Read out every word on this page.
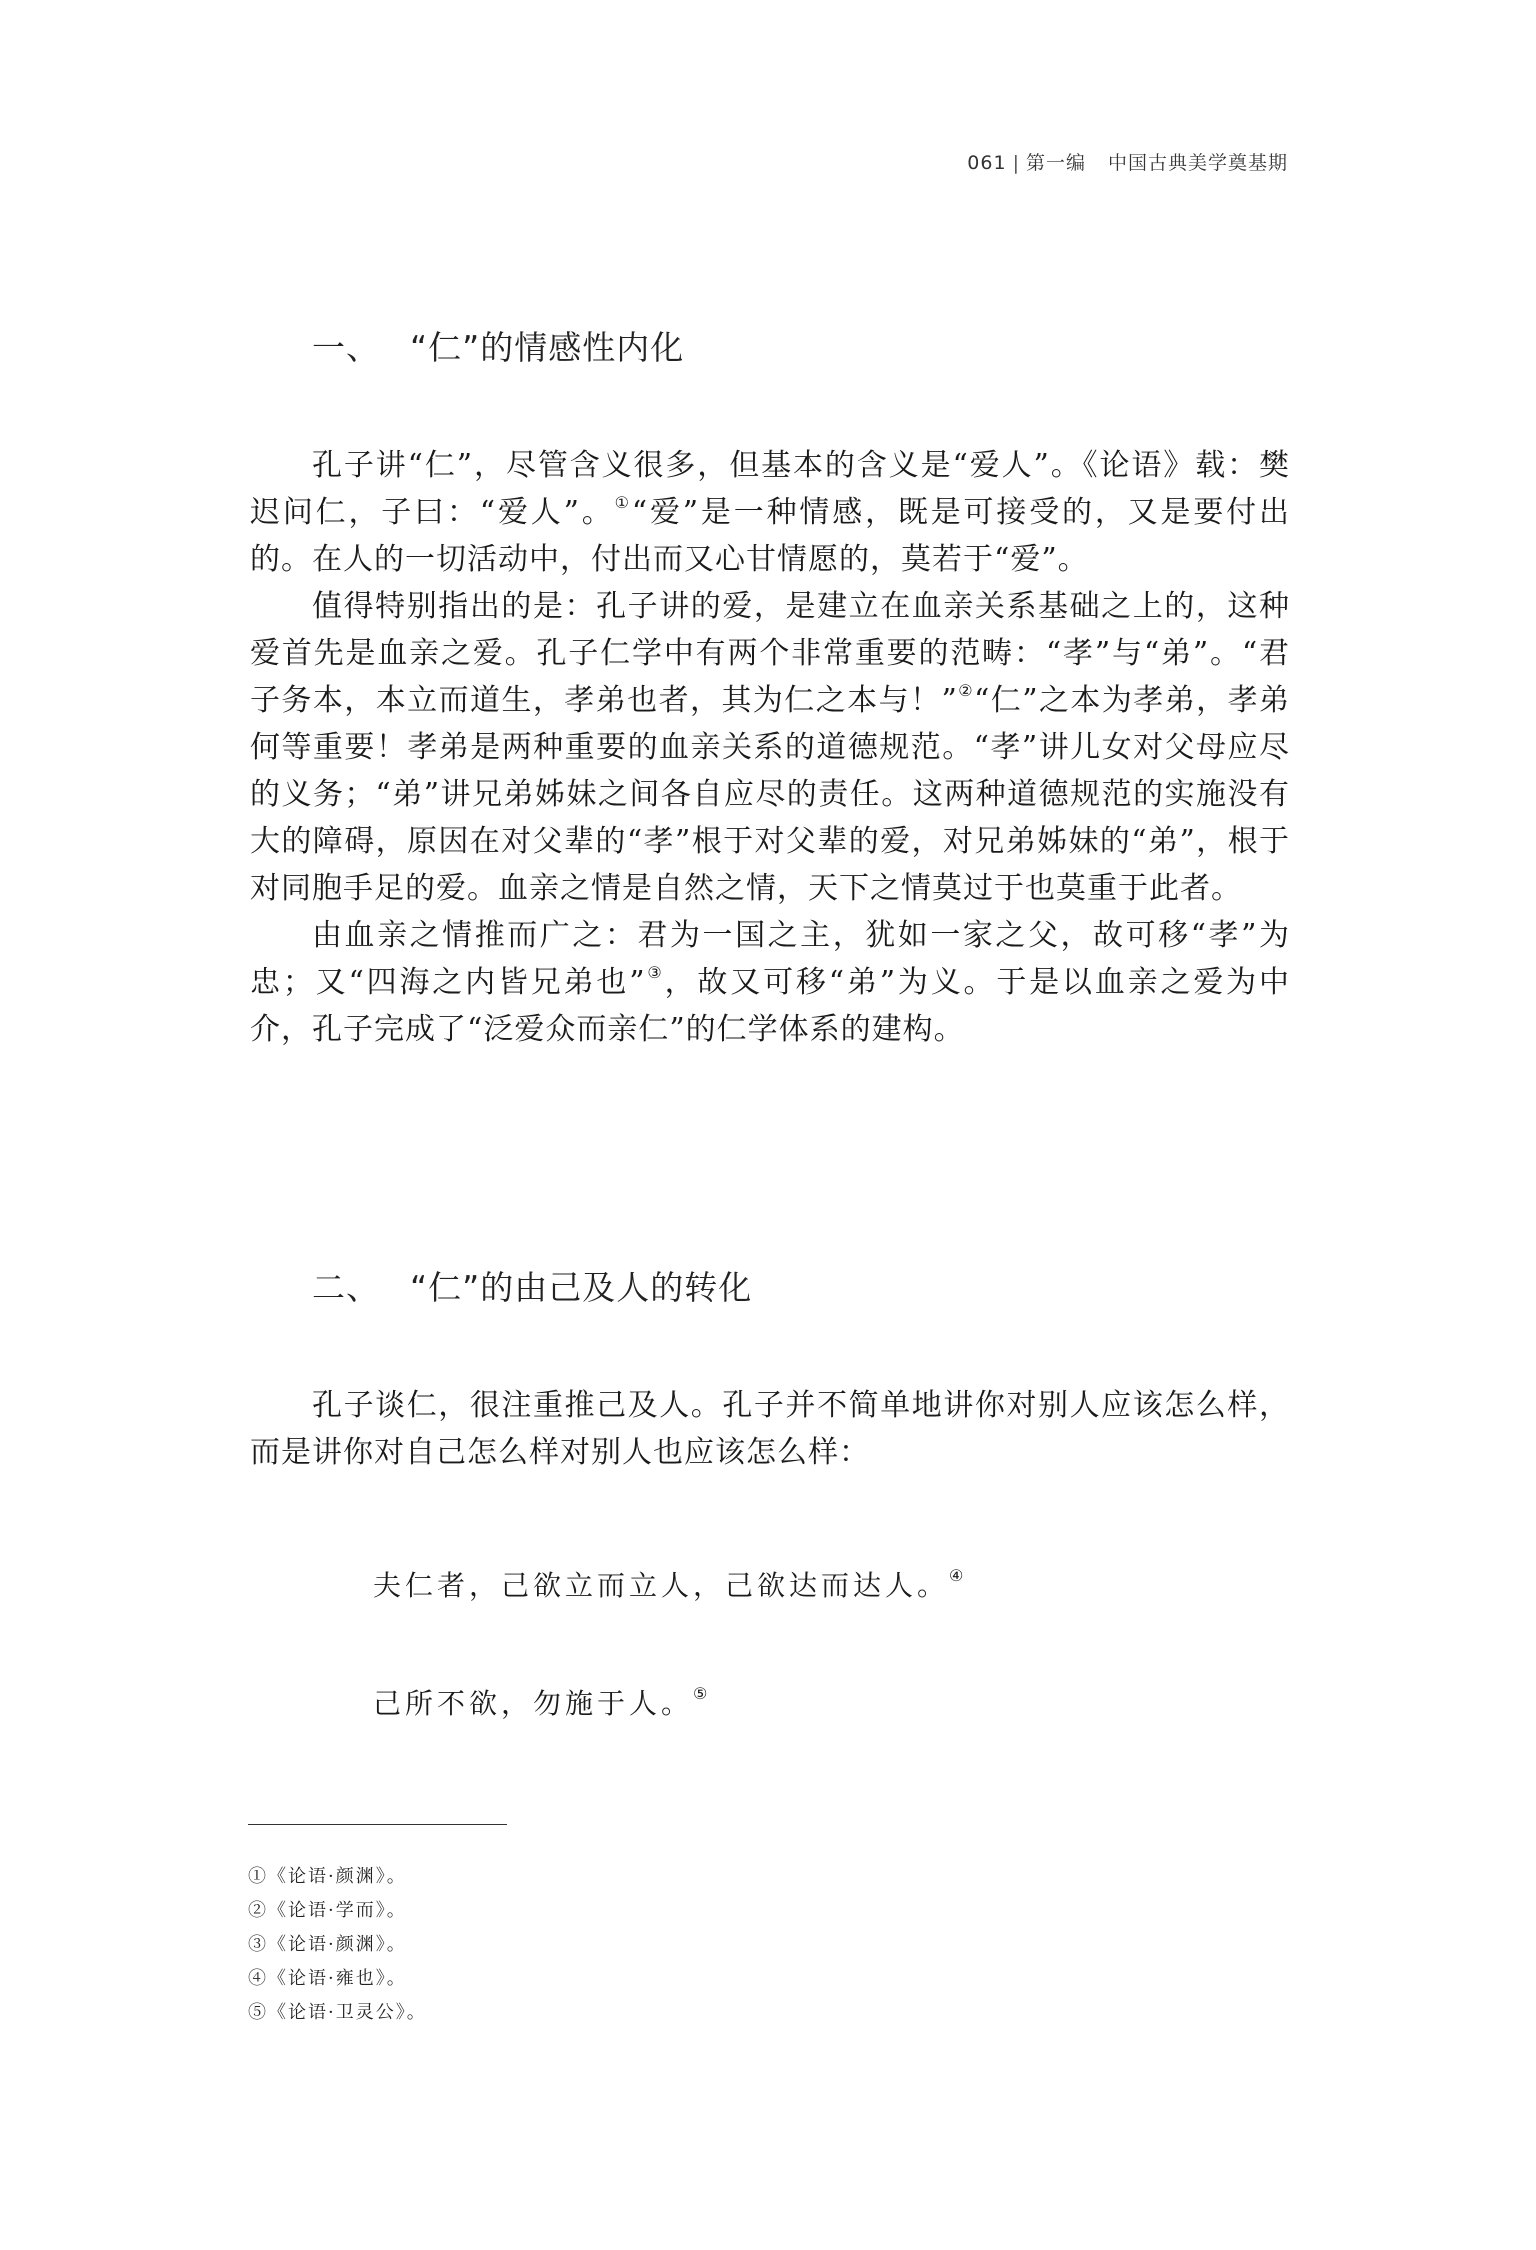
061 | 第一编 中国古典美学奠基期
一、 “仁”的情感性内化

孔子讲“仁”，尽管含义很多，但基本的含义是“爱人”。《论语》载：樊迟问仁，子曰：“爱人”。①“爱”是一种情感，既是可接受的，又是要付出的。在人的一切活动中，付出而又心甘情愿的，莫若于“爱”。

值得特别指出的是：孔子讲的爱，是建立在血亲关系基础之上的，这种爱首先是血亲之爱。孔子仁学中有两个非常重要的范畴：“孝”与“弟”。“君子务本，本立而道生，孝弟也者，其为仁之本与！”②“仁”之本为孝弟，孝弟何等重要！孝弟是两种重要的血亲关系的道德规范。“孝”讲儿女对父母应尽的义务；“弟”讲兄弟姊妹之间各自应尽的责任。这两种道德规范的实施没有大的障碍，原因在对父辈的“孝”根于对父辈的爱，对兄弟姊妹的“弟”，根于对同胞手足的爱。血亲之情是自然之情，天下之情莫过于也莫重于此者。

由血亲之情推而广之：君为一国之主，犹如一家之父，故可移“孝”为忠；又“四海之内皆兄弟也”③，故又可移“弟”为义。于是以血亲之爱为中介，孔子完成了“泛爱众而亲仁”的仁学体系的建构。

二、 “仁”的由己及人的转化

孔子谈仁，很注重推己及人。孔子并不简单地讲你对别人应该怎么样，而是讲你对自己怎么样对别人也应该怎么样：

夫仁者，己欲立而立人，己欲达而达人。④
己所不欲，勿施于人。⑤
①《论语·颜渊》。
②《论语·学而》。
③《论语·颜渊》。
④《论语·雍也》。
⑤《论语·卫灵公》。
